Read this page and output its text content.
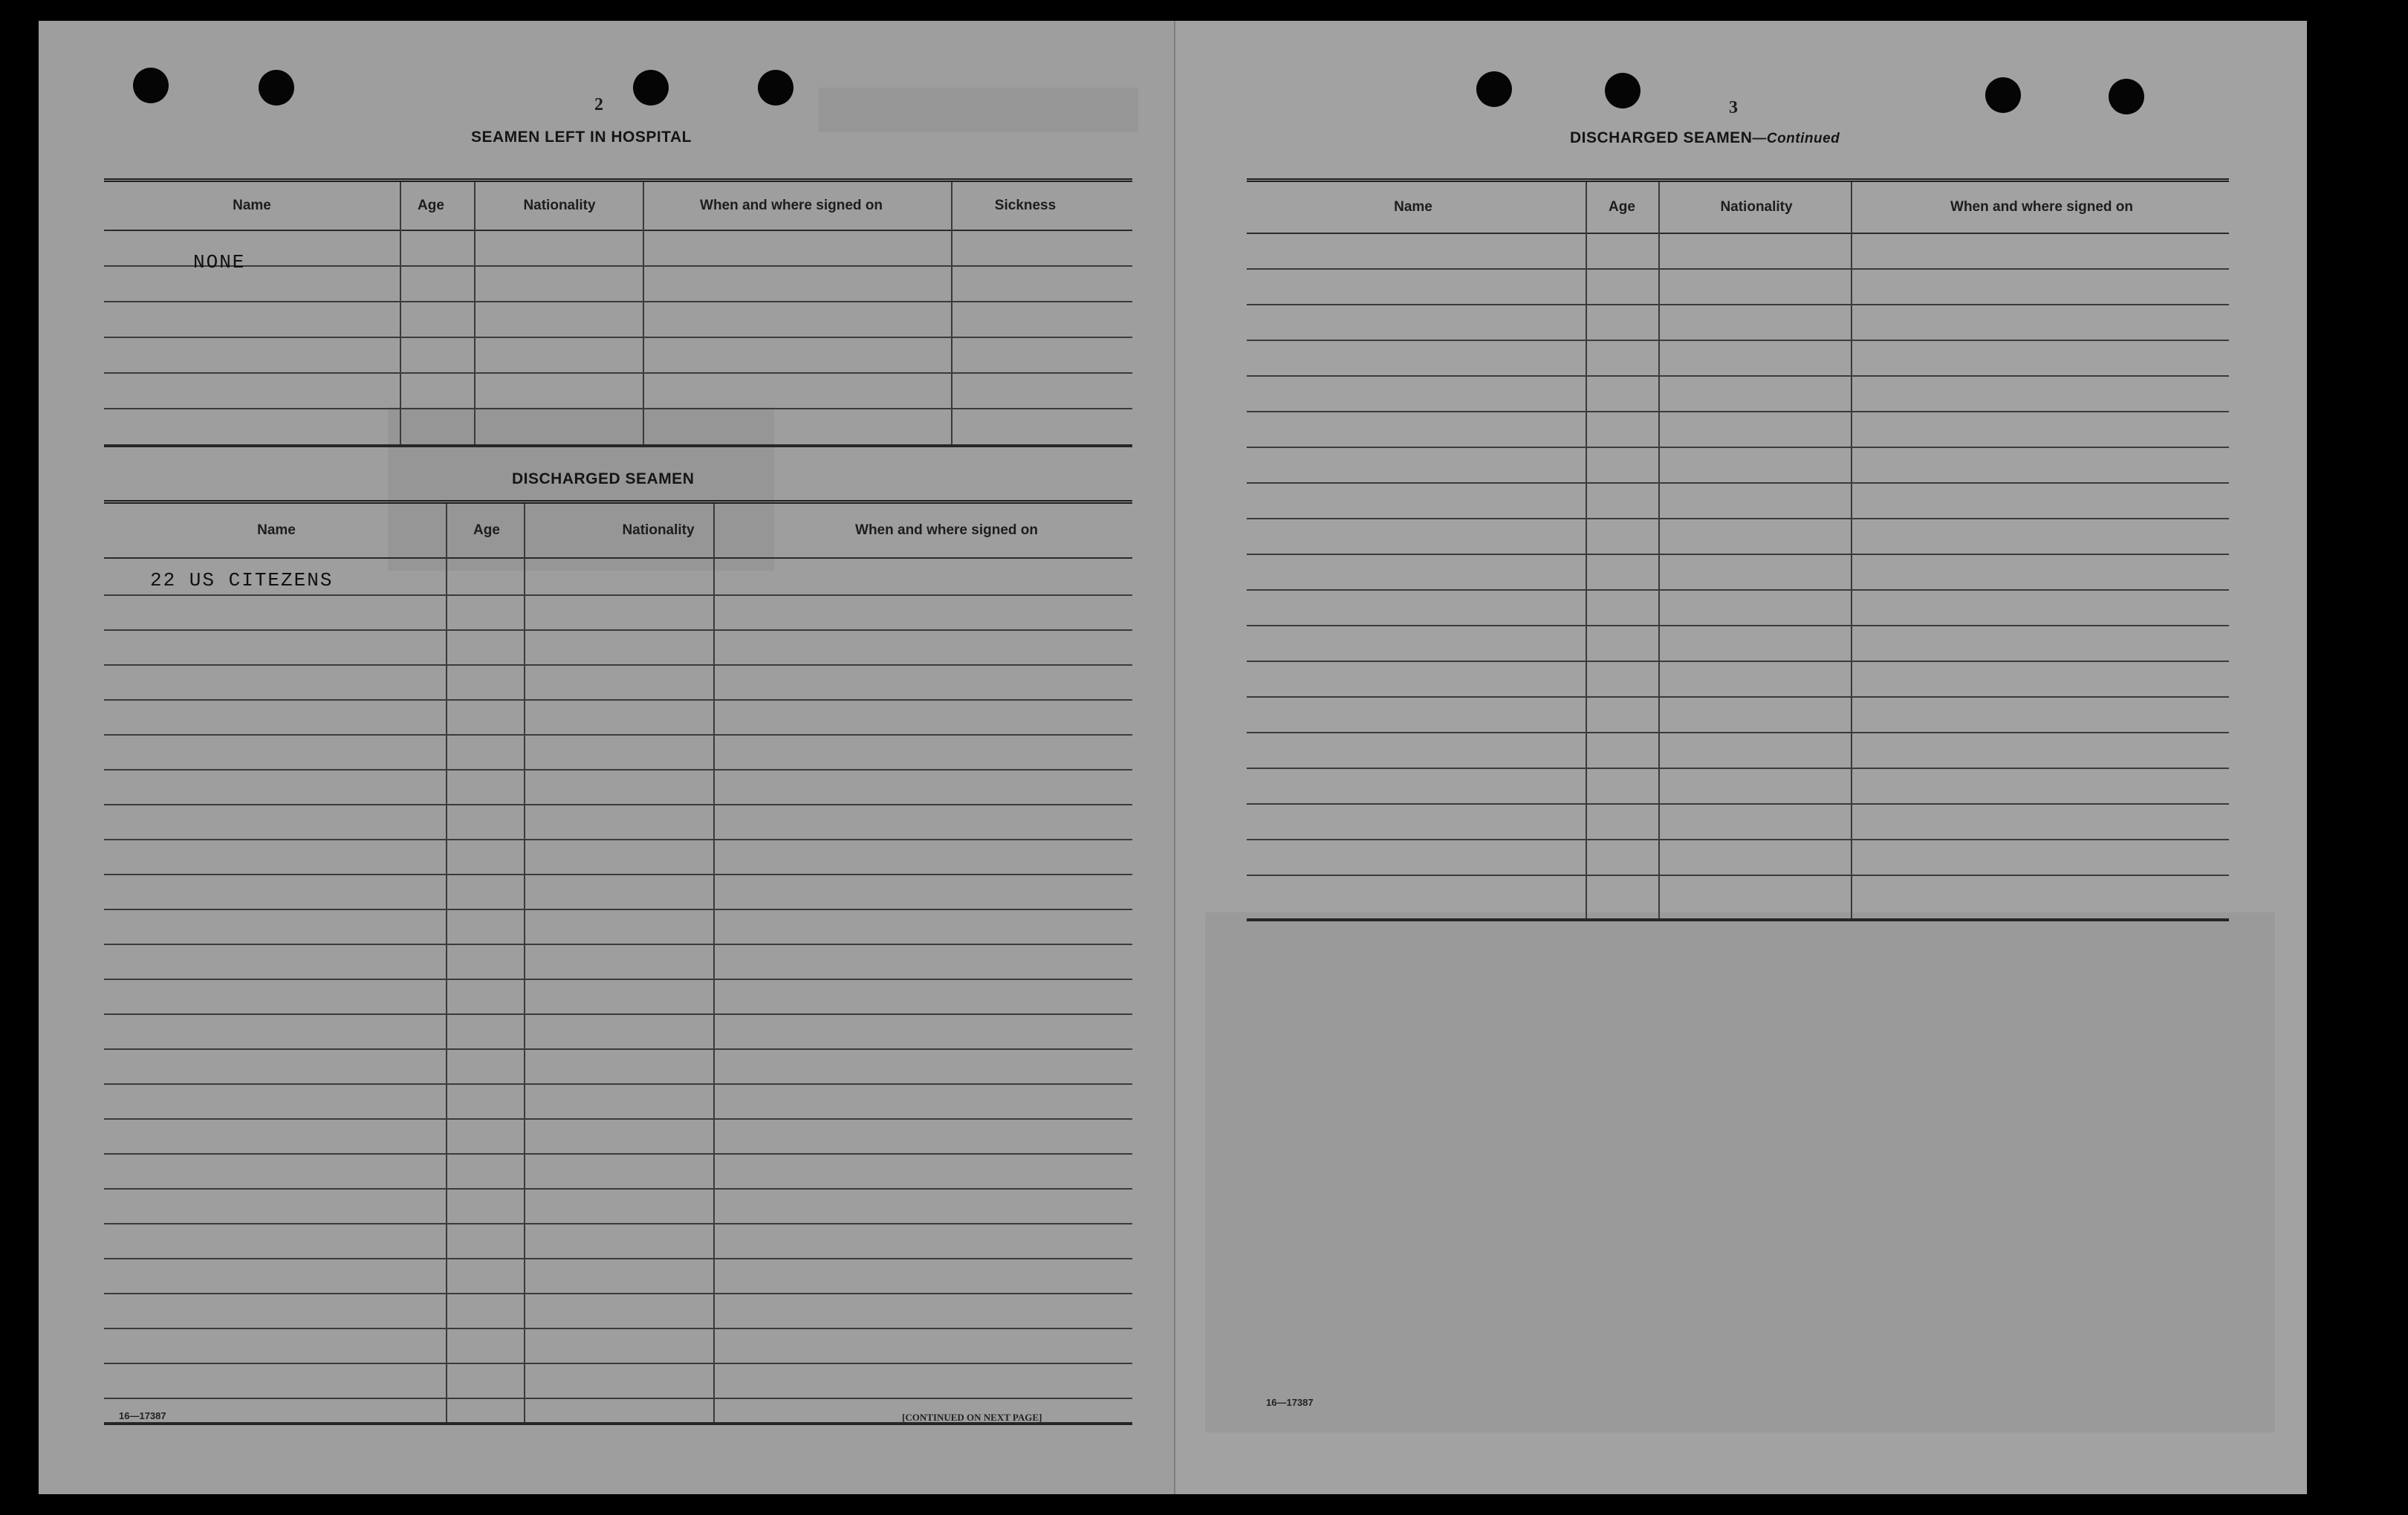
2
SEAMEN LEFT IN HOSPITAL
Name	Age	Nationality	When and where signed on	Sickness
NONE
DISCHARGED SEAMEN
Name	Age	Nationality	When and where signed on
22 US CITEZENS
16—17387	[CONTINUED ON NEXT PAGE]
3
DISCHARGED SEAMEN—Continued
Name	Age	Nationality	When and where signed on
16—17387
